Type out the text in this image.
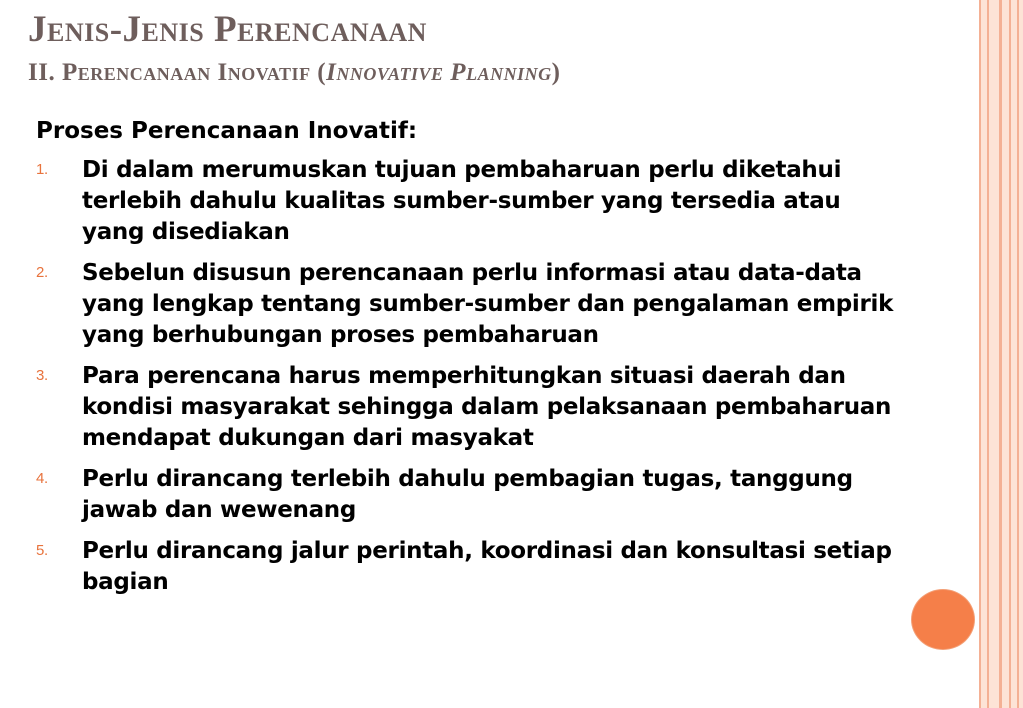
Jenis-Jenis Perencanaan
II. Perencanaan Inovatif (Innovative Planning)

Proses Perencanaan Inovatif:

1. Di dalam merumuskan tujuan pembaharuan perlu diketahui terlebih dahulu kualitas sumber-sumber yang tersedia atau yang disediakan
2. Sebelun disusun perencanaan perlu informasi atau data-data yang lengkap tentang sumber-sumber dan pengalaman empirik yang berhubungan proses pembaharuan
3. Para perencana harus memperhitungkan situasi daerah dan kondisi masyarakat sehingga dalam pelaksanaan pembaharuan mendapat dukungan dari masyakat
4. Perlu dirancang terlebih dahulu pembagian tugas, tanggung jawab dan wewenang
5. Perlu dirancang jalur perintah, koordinasi dan konsultasi setiap bagian
